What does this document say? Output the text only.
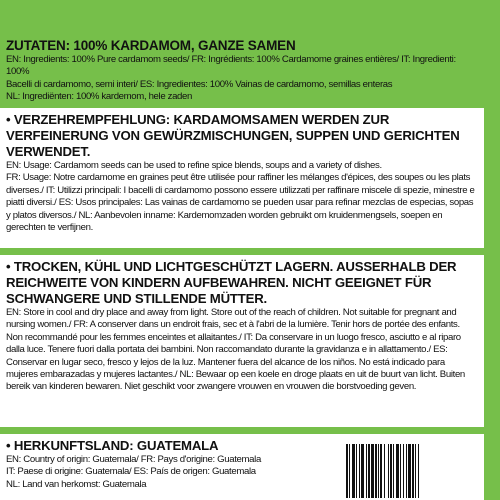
ZUTATEN: 100% KARDAMOM, GANZE SAMEN

EN: Ingredients: 100% Pure cardamom seeds/ FR: Ingrédients: 100% Cardamome graines entières/ IT: Ingredienti: 100%
Bacelli di cardamomo, semi interi/ ES: Ingredientes: 100% Vainas de cardamomo, semillas enteras
NL: Ingrediënten: 100% kardemom, hele zaden

• VERZEHREMPFEHLUNG: KARDAMOMSAMEN WERDEN ZUR VERFEINERUNG VON GEWÜRZMISCHUNGEN, SUPPEN UND GERICHTEN VERWENDET.

EN: Usage: Cardamom seeds can be used to refine spice blends, soups and a variety of dishes.
FR: Usage: Notre cardamome en graines peut être utilisée pour raffiner les mélanges d'épices, des soupes ou les plats diverses./ IT: Utilizzi principali: I bacelli di cardamomo possono essere utilizzati per raffinare miscele di spezie, minestre e piatti diversi./ ES: Usos principales: Las vainas de cardamomo se pueden usar para refinar mezclas de especias, sopas y platos diversos./ NL: Aanbevolen inname: Kardemomzaden worden gebruikt om kruidenmengsels, soepen en gerechten te verfijnen.

• TROCKEN, KÜHL UND LICHTGESCHÜTZT LAGERN. AUSSERHALB DER REICHWEITE VON KINDERN AUFBEWAHREN. NICHT GEEIGNET FÜR SCHWANGERE UND STILLENDE MÜTTER.

EN: Store in cool and dry place and away from light. Store out of the reach of children. Not suitable for pregnant and nursing women./ FR: A conserver dans un endroit frais, sec et à l'abri de la lumière. Tenir hors de portée des enfants. Non recommandé pour les femmes enceintes et allaitantes./ IT: Da conservare in un luogo fresco, asciutto e al riparo dalla luce. Tenere fuori dalla portata dei bambini. Non raccomandato durante la gravidanza e in allattamento./ ES: Conservar en lugar seco, fresco y lejos de la luz. Mantener fuera del alcance de los niños. No está indicado para mujeres embarazadas y mujeres lactantes./ NL: Bewaar op een koele en droge plaats en uit de buurt van licht. Buiten bereik van kinderen bewaren. Niet geschikt voor zwangere vrouwen en vrouwen die borstvoeding geven.

• HERKUNFTSLAND: GUATEMALA

EN: Country of origin: Guatemala/ FR: Pays d'origine: Guatemala
IT: Paese di origine: Guatemala/ ES: País de origen: Guatemala
NL: Land van herkomst: Guatemala
